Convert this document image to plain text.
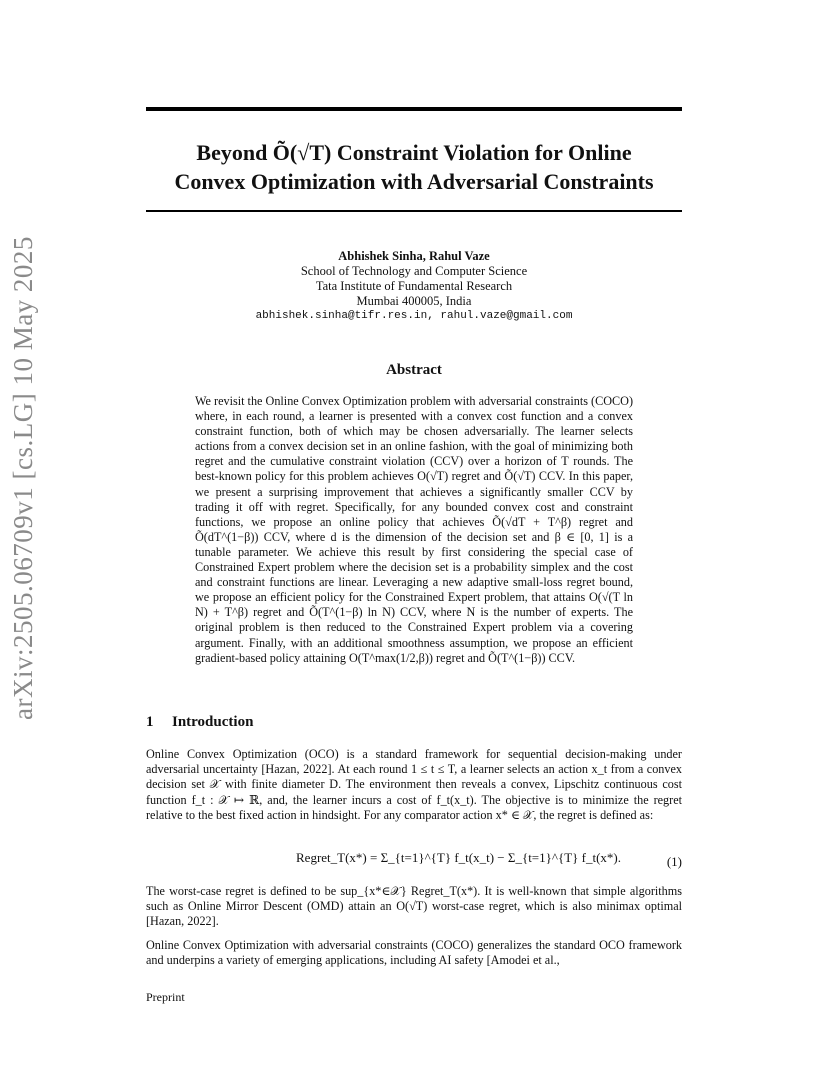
arXiv:2505.06709v1 [cs.LG] 10 May 2025
Beyond Õ(√T) Constraint Violation for Online
Convex Optimization with Adversarial Constraints
Abhishek Sinha, Rahul Vaze
School of Technology and Computer Science
Tata Institute of Fundamental Research
Mumbai 400005, India
abhishek.sinha@tifr.res.in, rahul.vaze@gmail.com
Abstract

We revisit the Online Convex Optimization problem with adversarial constraints (COCO) where, in each round, a learner is presented with a convex cost function and a convex constraint function, both of which may be chosen adversarially. The learner selects actions from a convex decision set in an online fashion, with the goal of minimizing both regret and the cumulative constraint violation (CCV) over a horizon of T rounds. The best-known policy for this problem achieves O(√T) regret and Õ(√T) CCV. In this paper, we present a surprising improvement that achieves a significantly smaller CCV by trading it off with regret. Specifically, for any bounded convex cost and constraint functions, we propose an online policy that achieves Õ(√dT + T^β) regret and Õ(dT^(1−β)) CCV, where d is the dimension of the decision set and β ∈ [0, 1] is a tunable parameter. We achieve this result by first considering the special case of Constrained Expert problem where the decision set is a probability simplex and the cost and constraint functions are linear. Leveraging a new adaptive small-loss regret bound, we propose an efficient policy for the Constrained Expert problem, that attains O(√(T ln N) + T^β) regret and Õ(T^(1−β) ln N) CCV, where N is the number of experts. The original problem is then reduced to the Constrained Expert problem via a covering argument. Finally, with an additional smoothness assumption, we propose an efficient gradient-based policy attaining O(T^max(1/2,β)) regret and Õ(T^(1−β)) CCV.

1 Introduction

Online Convex Optimization (OCO) is a standard framework for sequential decision-making under adversarial uncertainty [Hazan, 2022]. At each round 1 ≤ t ≤ T, a learner selects an action x_t from a convex decision set 𝒳 with finite diameter D. The environment then reveals a convex, Lipschitz continuous cost function f_t : 𝒳 ↦ ℝ, and, the learner incurs a cost of f_t(x_t). The objective is to minimize the regret relative to the best fixed action in hindsight. For any comparator action x* ∈ 𝒳, the regret is defined as:

Regret_T(x*) = Σ_{t=1}^{T} f_t(x_t) − Σ_{t=1}^{T} f_t(x*).	(1)

The worst-case regret is defined to be sup_{x*∈𝒳} Regret_T(x*). It is well-known that simple algorithms such as Online Mirror Descent (OMD) attain an O(√T) worst-case regret, which is also minimax optimal [Hazan, 2022].

Online Convex Optimization with adversarial constraints (COCO) generalizes the standard OCO framework and underpins a variety of emerging applications, including AI safety [Amodei et al.,

Preprint
